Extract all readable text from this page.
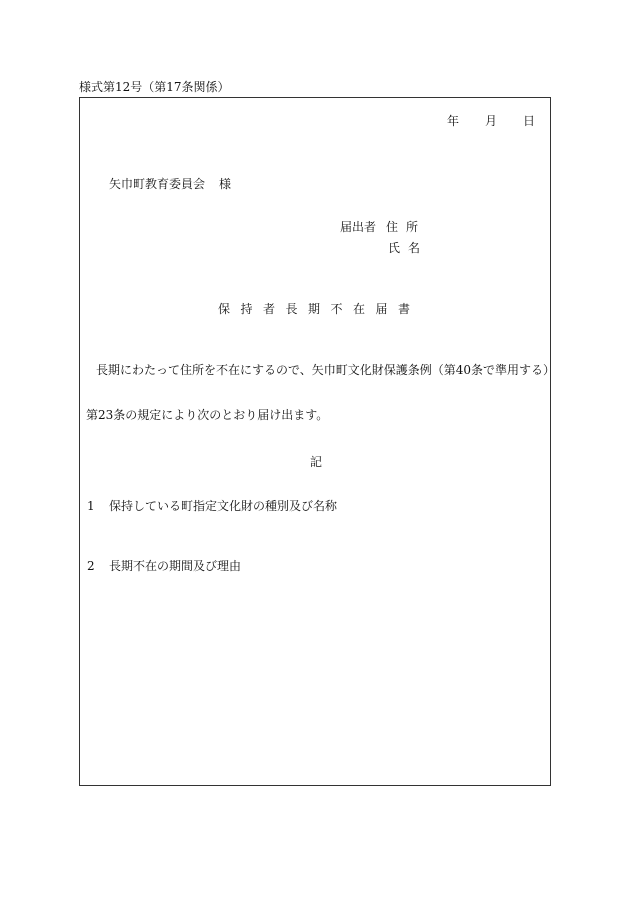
様式第12号（第17条関係）
年 月 日
矢巾町教育委員会 様
届出者 住所
氏名
保持者長期不在届書
長期にわたって住所を不在にするので、矢巾町文化財保護条例（第40条で準用する）
第23条の規定により次のとおり届け出ます。
記
1 保持している町指定文化財の種別及び名称
2 長期不在の期間及び理由
